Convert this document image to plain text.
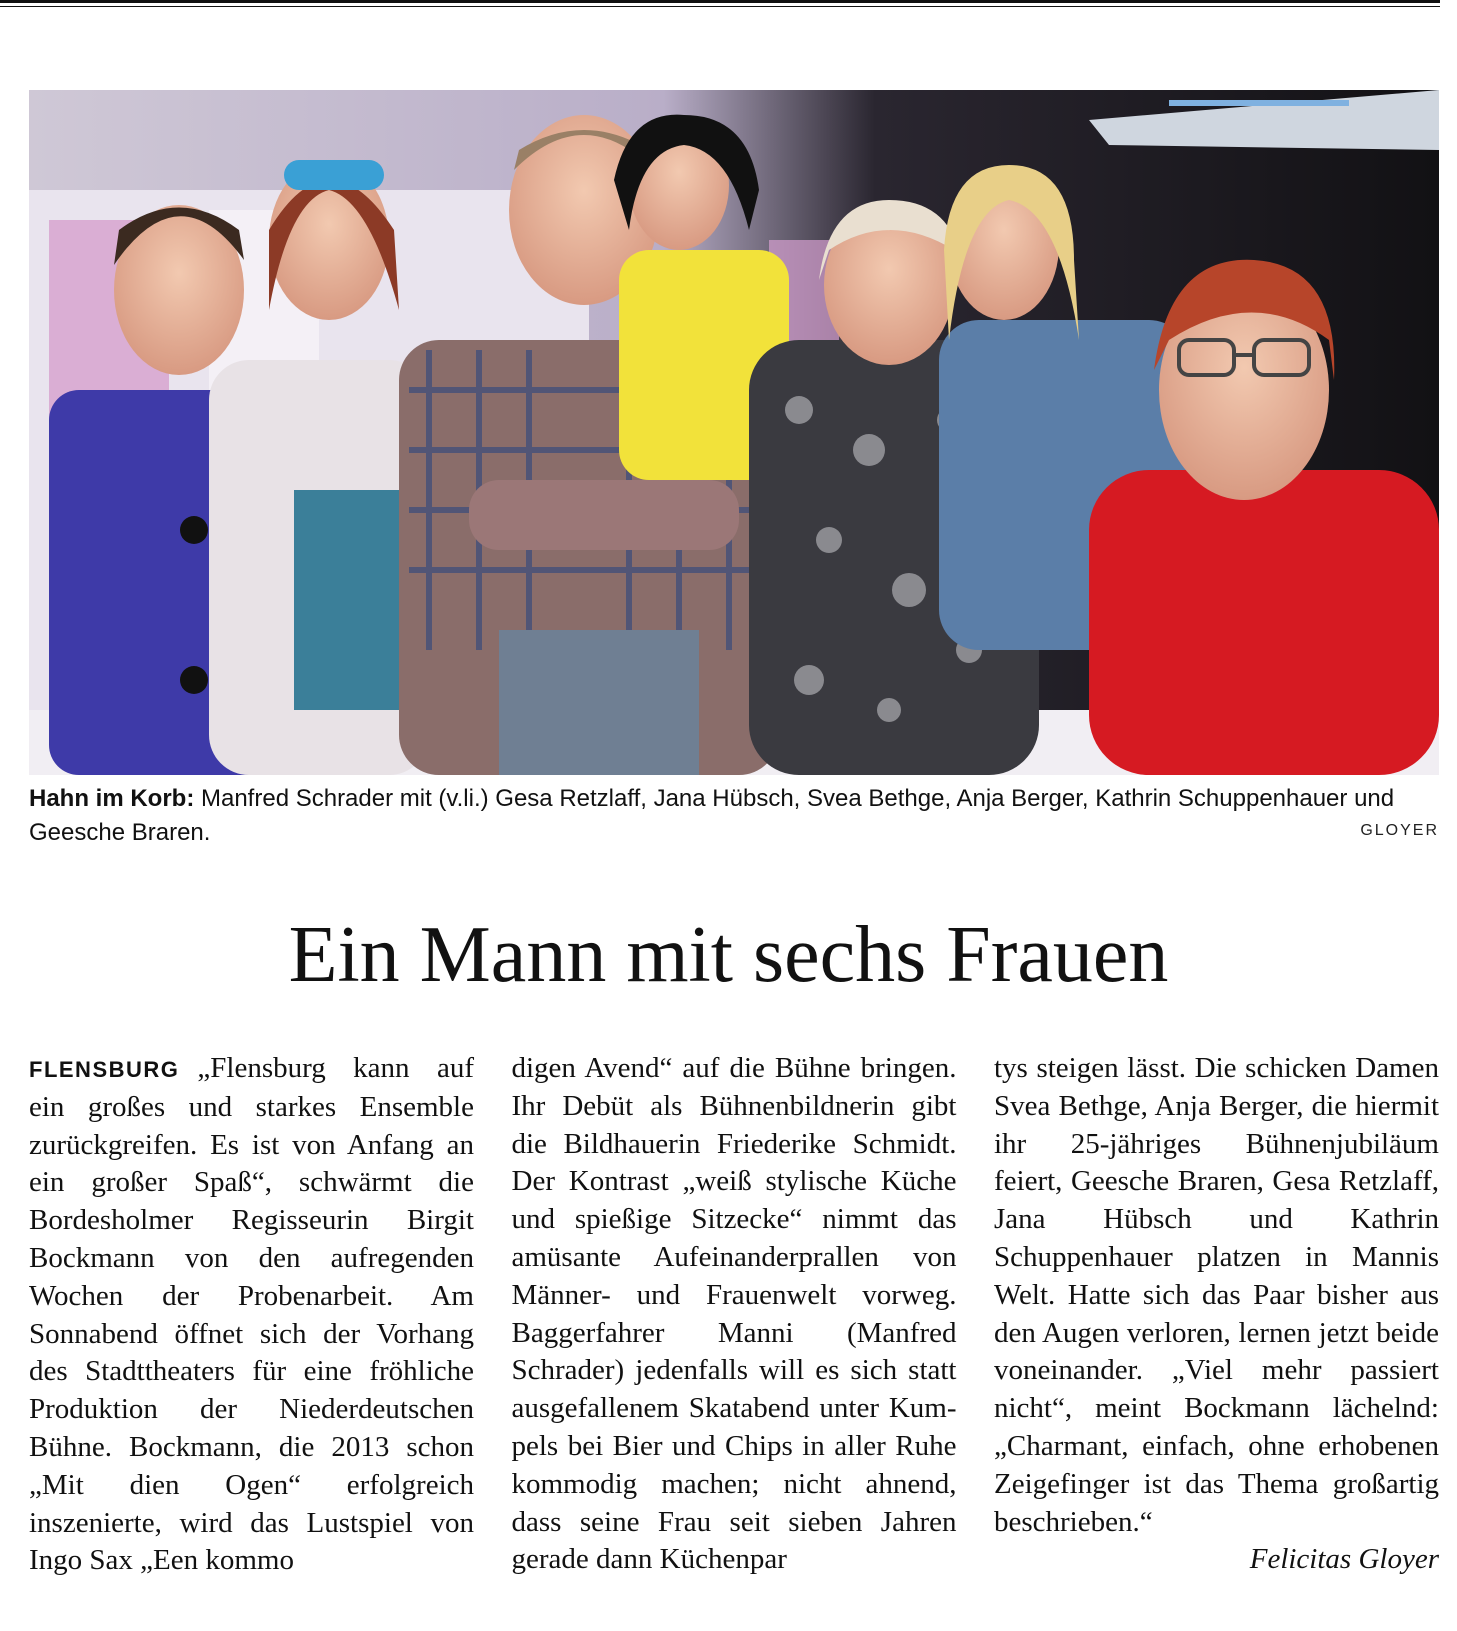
Hahn im Korb: Manfred Schrader mit (v.li.) Gesa Retzlaff, Jana Hübsch, Svea Bethge, Anja Berger, Kathrin Schuppenhauer und Geesche Braren.	GLOYER
Ein Mann mit sechs Frauen

FLENSBURG „Flensburg kann auf ein großes und starkes Ensemble zurückgreifen. Es ist von Anfang an ein großer Spaß“, schwärmt die Bordesholmer Regisseurin Birgit Bockmann von den aufregenden Wochen der Probenarbeit. Am Sonnabend öffnet sich der Vorhang des Stadttheaters für eine fröhliche Produktion der Niederdeutschen Bühne. Bockmann, die 2013 schon „Mit dien Ogen“ erfolgreich inszenierte, wird das Lustspiel von Ingo Sax „Een kommo

digen Avend“ auf die Bühne bringen. Ihr Debüt als Bühnenbildnerin gibt die Bildhauerin Friederike Schmidt. Der Kontrast „weiß stylische Küche und spießige Sitzecke“ nimmt das amüsante Aufeinanderprallen von Männer- und Frauenwelt vorweg. Baggerfahrer Manni (Manfred Schrader) jedenfalls will es sich statt ausgefallenem Skatabend unter Kumpels bei Bier und Chips in aller Ruhe kommodig machen; nicht ahnend, dass seine Frau seit sieben Jahren gerade dann Küchenpar

tys steigen lässt. Die schicken Damen Svea Bethge, Anja Berger, die hiermit ihr 25-jähriges Bühnenjubiläum feiert, Geesche Braren, Gesa Retzlaff, Jana Hübsch und Kathrin Schuppenhauer platzen in Mannis Welt. Hatte sich das Paar bisher aus den Augen verloren, lernen jetzt beide voneinander. „Viel mehr passiert nicht“, meint Bockmann lächelnd: „Charmant, einfach, ohne erhobenen Zeigefinger ist das Thema großartig beschrieben.“

Felicitas Gloyer
